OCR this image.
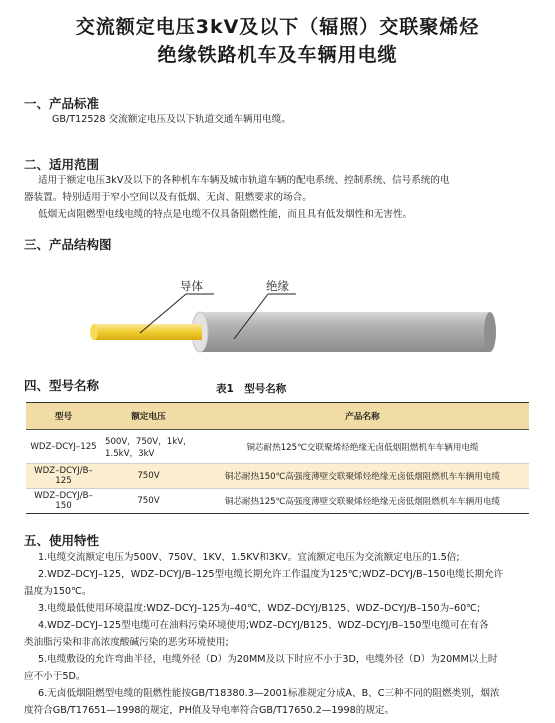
交流额定电压3kV及以下（辐照）交联聚烯烃
绝缘铁路机车及车辆用电缆
一、产品标准
GB/T12528 交流额定电压及以下轨道交通车辆用电缆。
二、适用范围
适用于额定电压3kV及以下的各种机车车辆及城市轨道车辆的配电系统、控制系统、信号系统的电
器装置。特别适用于窄小空间以及有低烟、无卤、阻燃要求的场合。
低烟无卤阻燃型电线电缆的特点是电缆不仅具备阻燃性能，而且具有低发烟性和无害性。
三、产品结构图
导体	绝缘
四、型号名称	表1　型号名称
型号	额定电压	产品名称
WDZ–DCYJ–125	500V，750V，1kV，
1.5kV，3kV	铜芯耐热125℃交联聚烯烃绝缘无卤低烟阻燃机车车辆用电缆
WDZ–DCYJ/B–125	750V	铜芯耐热150℃高强度薄壁交联聚烯烃绝缘无卤低烟阻燃机车车辆用电缆
WDZ–DCYJ/B–150	750V	铜芯耐热125℃高强度薄壁交联聚烯烃绝缘无卤低烟阻燃机车车辆用电缆
五、使用特性
1.电缆交流额定电压为500V、750V、1KV、1.5KV和3KV。宜流额定电压为交流额定电压的1.5倍;
2.WDZ–DCYJ–125，WDZ–DCYJ/B–125型电缆长期允许工作温度为125℃;WDZ–DCYJ/B–150电缆长期允许
温度为150℃。
3.电缆最低使用环境温度:WDZ–DCYJ–125为–40℃，WDZ–DCYJ/B125、WDZ–DCYJ/B–150为–60℃;
4.WDZ–DCYJ–125型电缆可在油料污染环境使用;WDZ–DCYJ/B125、WDZ–DCYJ/B–150型电缆可在有各
类油脂污染和非高浓度酸碱污染的恶劣环境使用;
5.电缆敷设的允许弯曲半径，电缆外径（D）为20MM及以下时应不小于3D，电缆外径（D）为20MM以上时
应不小于5D。
6.无卤低烟阻燃型电缆的阻燃性能按GB/T18380.3—2001标准规定分成A、B、C三种不同的阻燃类别，烟浓
度符合GB/T17651—1998的规定，PH值及导电率符合GB/T17650.2—1998的规定。
